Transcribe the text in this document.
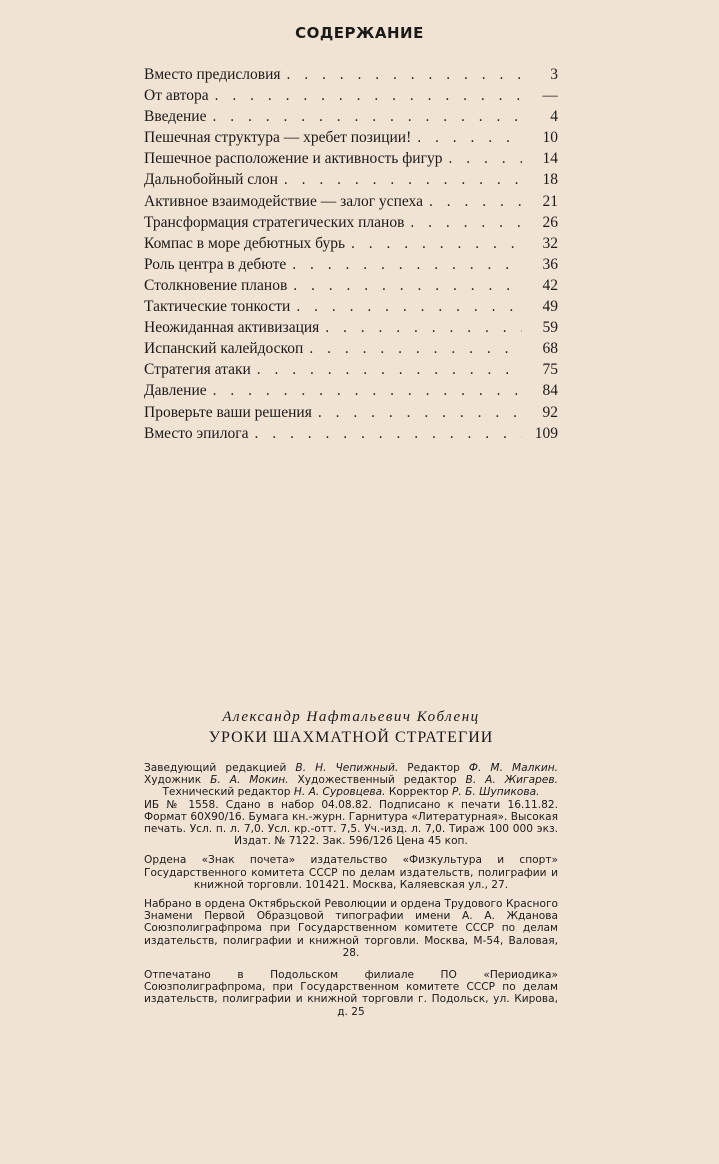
СОДЕРЖАНИЕ
Вместо предисловия . . .	3
От автора . . .	—
Введение . . .	4
Пешечная структура — хребет позиции! . . .	10
Пешечное расположение и активность фигур . . .	14
Дальнобойный слон . . .	18
Активное взаимодействие — залог успеха . . .	21
Трансформация стратегических планов . . .	26
Компас в море дебютных бурь . . .	32
Роль центра в дебюте . . .	36
Столкновение планов . . .	42
Тактические тонкости . . .	49
Неожиданная активизация . . .	59
Испанский калейдоскоп . . .	68
Стратегия атаки . . .	75
Давление . . .	84
Проверьте ваши решения . . .	92
Вместо эпилога . . .	109
Александр Нафтальевич Кобленц
УРОКИ ШАХМАТНОЙ СТРАТЕГИИ

Заведующий редакцией В. Н. Чепижный. Редактор Ф. М. Малкин. Художник Б. А. Мокин. Художественный редактор В. А. Жигарев. Технический редактор Н. А. Суровцева. Корректор Р. Б. Шупикова.

ИБ № 1558. Сдано в набор 04.08.82. Подписано к печати 16.11.82. Формат 60Х90/16. Бумага кн.-журн. Гарнитура «Литературная». Высокая печать. Усл. п. л. 7,0. Усл. кр.-отт. 7,5. Уч.-изд. л. 7,0. Тираж 100 000 экз. Издат. № 7122. Зак. 596/126 Цена 45 коп.

Ордена «Знак почета» издательство «Физкультура и спорт» Государственного комитета СССР по делам издательств, полиграфии и книжной торговли. 101421. Москва, Каляевская ул., 27.

Набрано в ордена Октябрьской Революции и ордена Трудового Красного Знамени Первой Образцовой типографии имени А. А. Жданова Союзполиграфпрома при Государственном комитете СССР по делам издательств, полиграфии и книжной торговли. Москва, М-54, Валовая, 28.

Отпечатано в Подольском филиале ПО «Периодика» Союзполиграфпрома, при Государственном комитете СССР по делам издательств, полиграфии и книжной торговли г. Подольск, ул. Кирова, д. 25
